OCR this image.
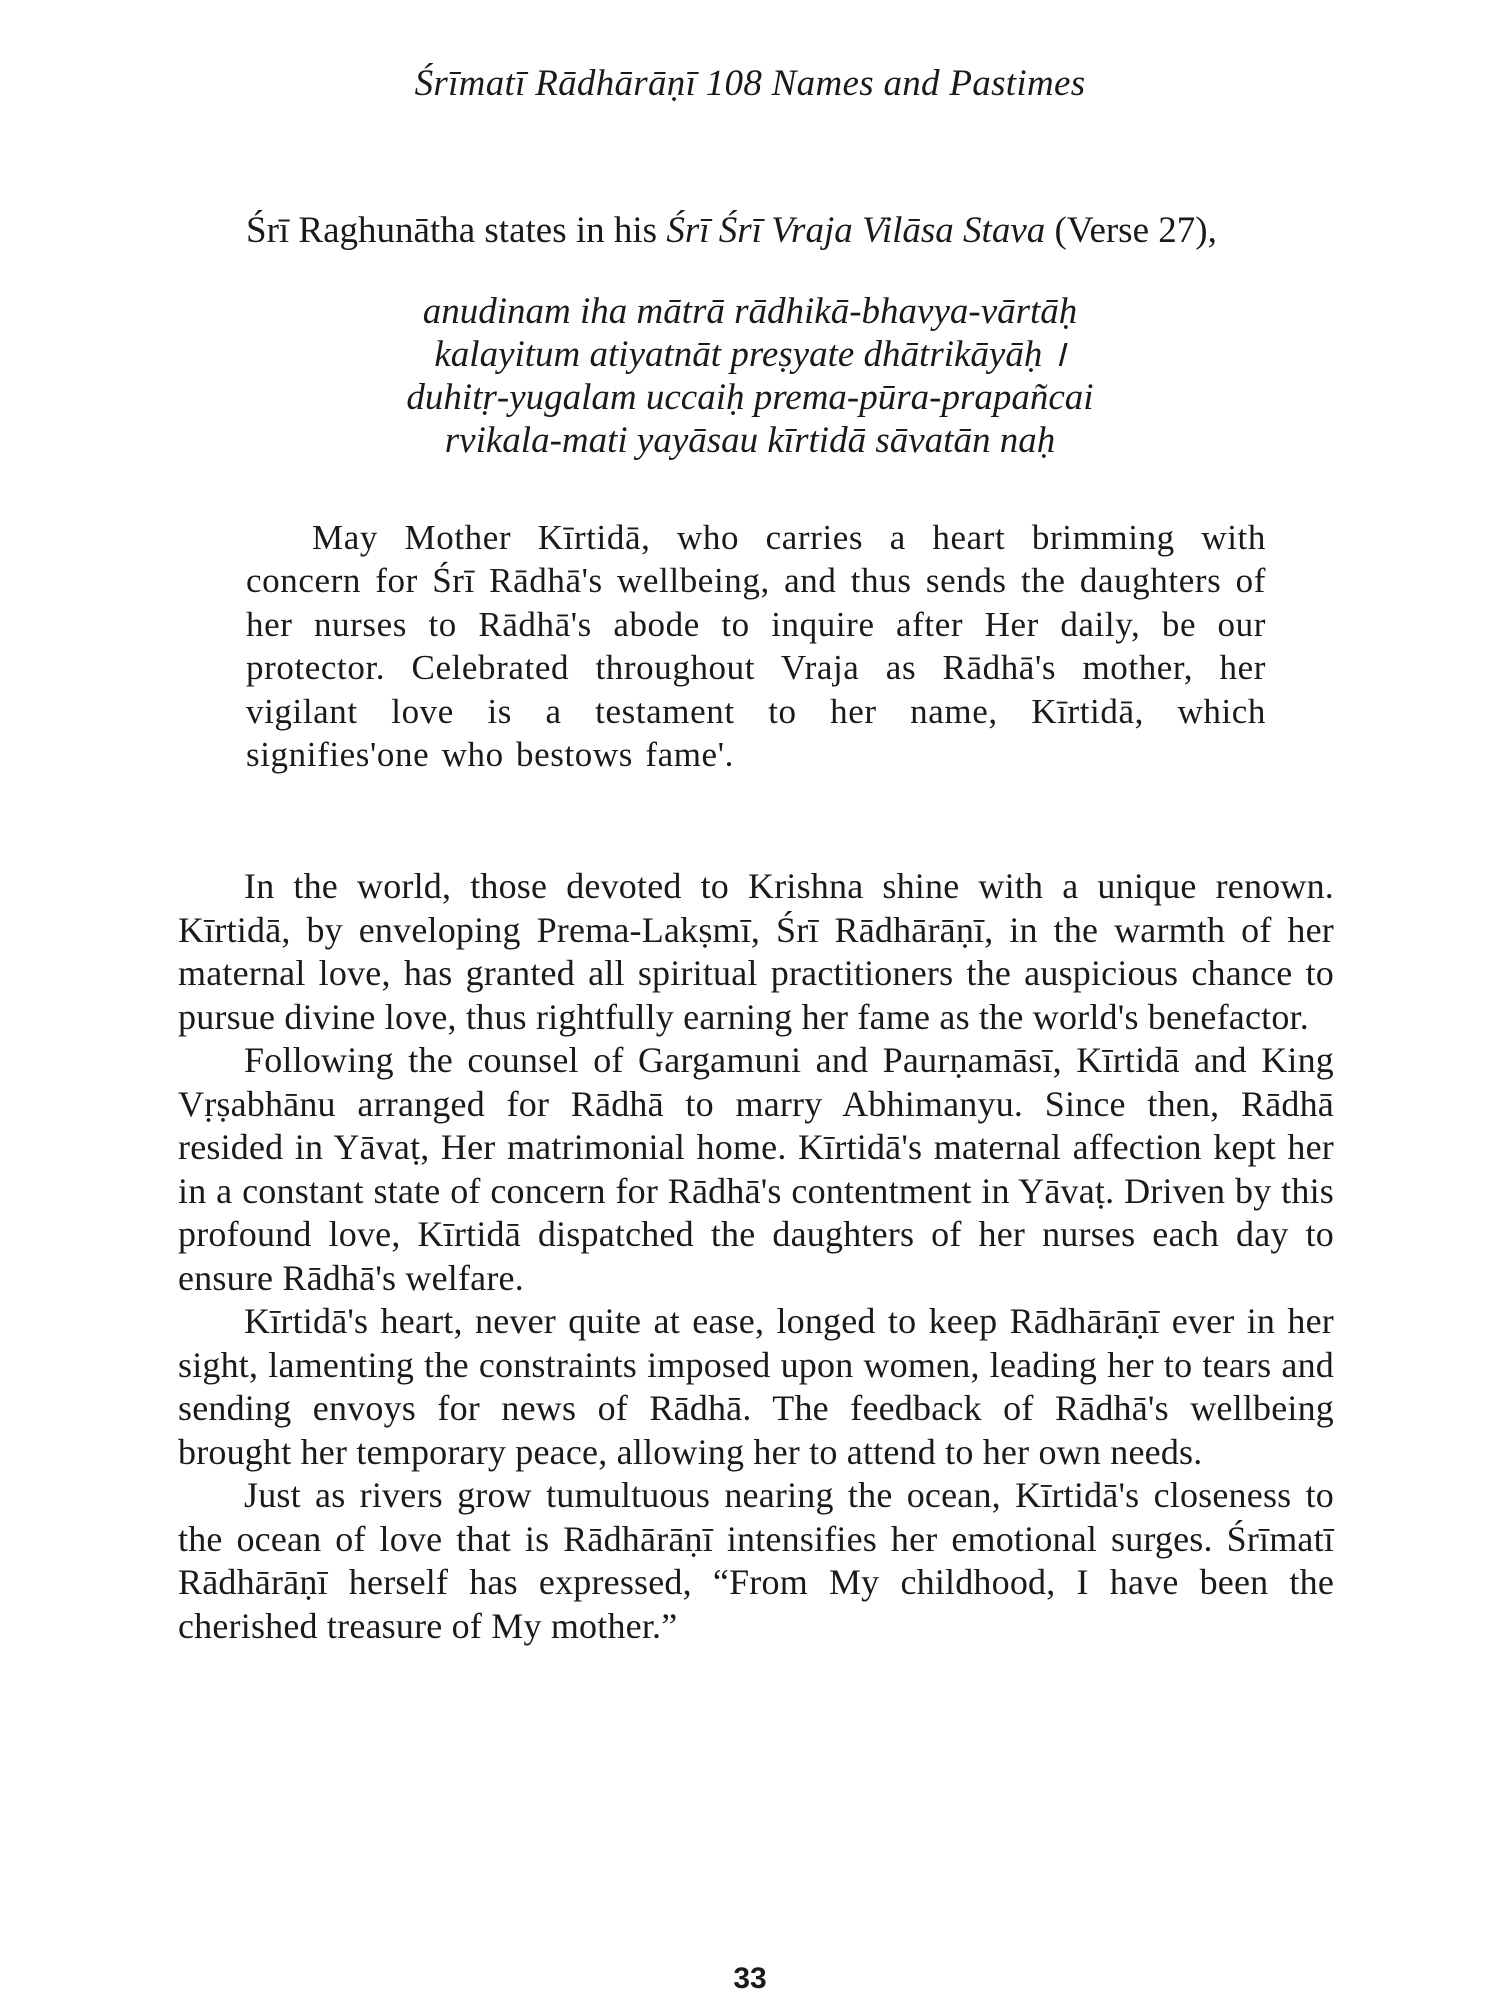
Śrīmatī Rādhārāṇī 108 Names and Pastimes
Śrī Raghunātha states in his Śrī Śrī Vraja Vilāsa Stava (Verse 27),
anudinam iha mātrā rādhikā-bhavya-vārtāḥ
kalayitum atiyatnāt preṣyate dhātrikāyāḥ ।
duhitṛ-yugalam uccaiḥ prema-pūra-prapañcai
rvikala-mati yayāsau kīrtidā sāvatān naḥ
May Mother Kīrtidā, who carries a heart brimming with concern for Śrī Rādhā's wellbeing, and thus sends the daughters of her nurses to Rādhā's abode to inquire after Her daily, be our protector. Celebrated throughout Vraja as Rādhā's mother, her vigilant love is a testament to her name, Kīrtidā, which signifies'one who bestows fame'.

In the world, those devoted to Krishna shine with a unique renown. Kīrtidā, by enveloping Prema-Lakṣmī, Śrī Rādhārāṇī, in the warmth of her maternal love, has granted all spiritual practitioners the auspicious chance to pursue divine love, thus rightfully earning her fame as the world's benefactor.

Following the counsel of Gargamuni and Paurṇamāsī, Kīrtidā and King Vṛṣabhānu arranged for Rādhā to marry Abhimanyu. Since then, Rādhā resided in Yāvaṭ, Her matrimonial home. Kīrtidā's maternal affection kept her in a constant state of concern for Rādhā's contentment in Yāvaṭ. Driven by this profound love, Kīrtidā dispatched the daughters of her nurses each day to ensure Rādhā's welfare.

Kīrtidā's heart, never quite at ease, longed to keep Rādhārāṇī ever in her sight, lamenting the constraints imposed upon women, leading her to tears and sending envoys for news of Rādhā. The feedback of Rādhā's wellbeing brought her temporary peace, allowing her to attend to her own needs.

Just as rivers grow tumultuous nearing the ocean, Kīrtidā's closeness to the ocean of love that is Rādhārāṇī intensifies her emotional surges. Śrīmatī Rādhārāṇī herself has expressed, “From My childhood, I have been the cherished treasure of My mother.”

33
